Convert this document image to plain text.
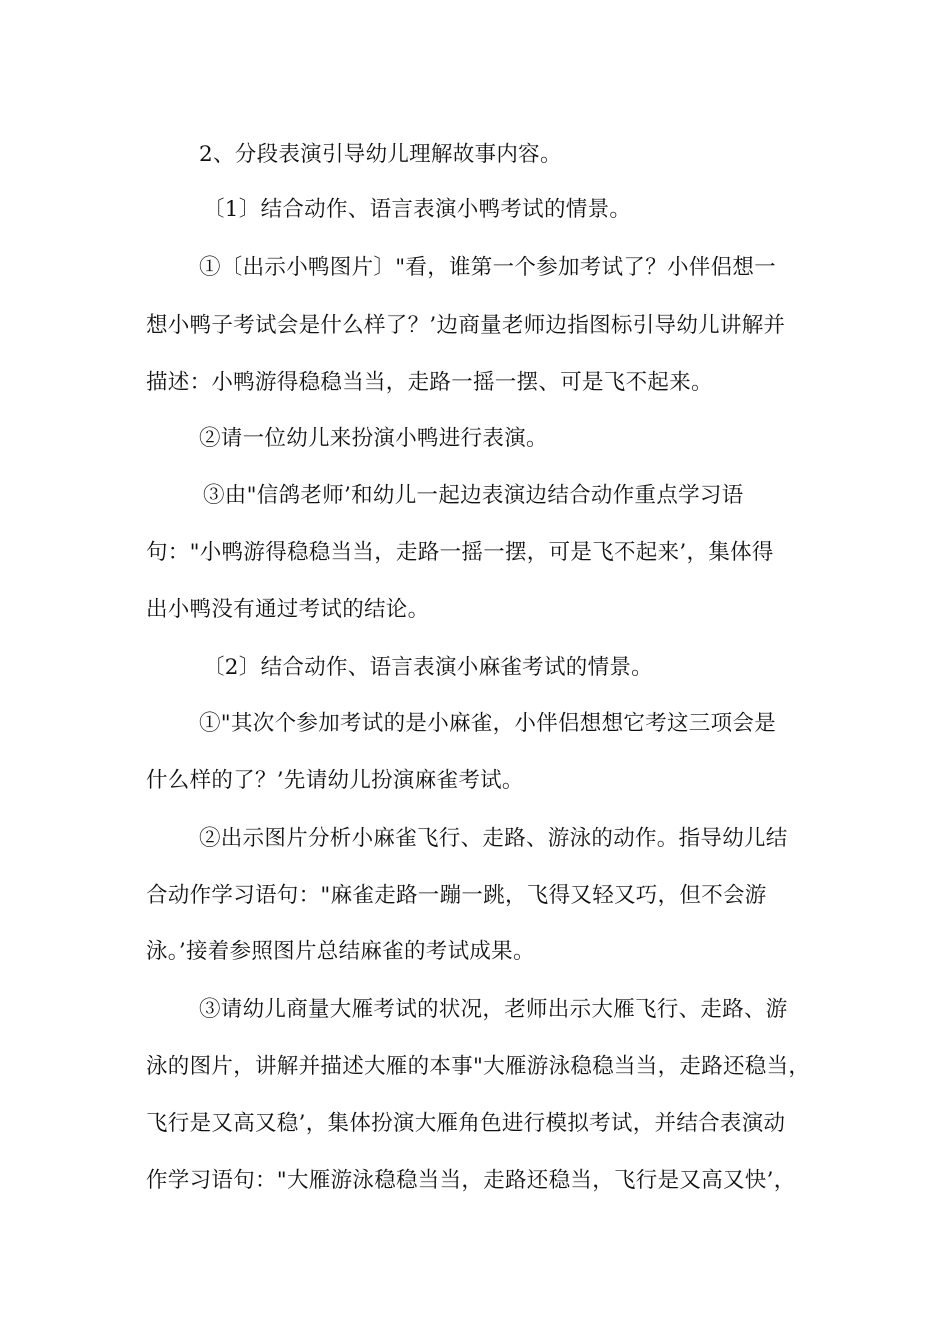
2、分段表演引导幼儿理解故事内容。
〔1〕结合动作、语言表演小鸭考试的情景。
①〔出示小鸭图片〕"看，谁第一个参加考试了？小伴侣想一
想小鸭子考试会是什么样了？’边商量老师边指图标引导幼儿讲解并
描述：小鸭游得稳稳当当，走路一摇一摆、可是飞不起来。
②请一位幼儿来扮演小鸭进行表演。
③由"信鸽老师’和幼儿一起边表演边结合动作重点学习语
句："小鸭游得稳稳当当，走路一摇一摆，可是飞不起来’，集体得
出小鸭没有通过考试的结论。
〔2〕结合动作、语言表演小麻雀考试的情景。
①"其次个参加考试的是小麻雀，小伴侣想想它考这三项会是
什么样的了？’先请幼儿扮演麻雀考试。
②出示图片分析小麻雀飞行、走路、游泳的动作。指导幼儿结
合动作学习语句："麻雀走路一蹦一跳，飞得又轻又巧，但不会游
泳。’接着参照图片总结麻雀的考试成果。
③请幼儿商量大雁考试的状况，老师出示大雁飞行、走路、游
泳的图片，讲解并描述大雁的本事"大雁游泳稳稳当当，走路还稳当，
飞行是又高又稳’，集体扮演大雁角色进行模拟考试，并结合表演动
作学习语句："大雁游泳稳稳当当，走路还稳当，飞行是又高又快’，
